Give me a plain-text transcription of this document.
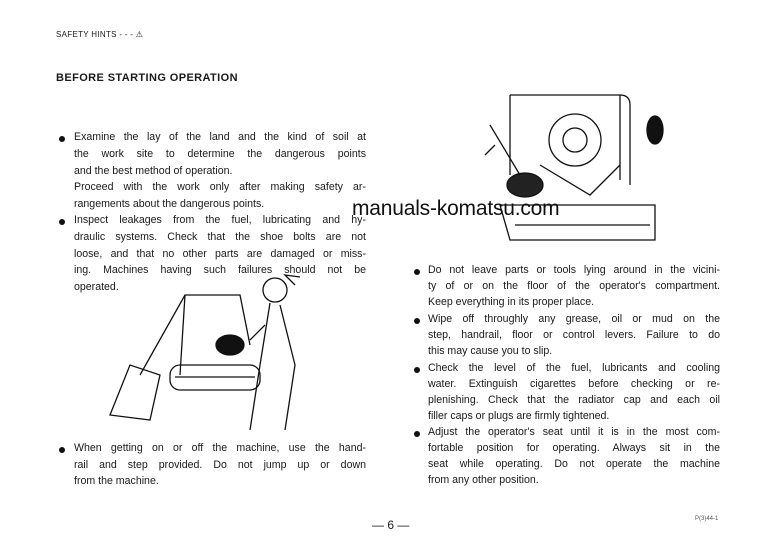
SAFETY HINTS - - - ⚠
BEFORE STARTING OPERATION
Examine the lay of the land and the kind of soil at
the work site to determine the dangerous points
and the best method of operation.
Proceed with the work only after making safety ar-
rangements about the dangerous points.
Inspect leakages from the fuel, lubricating and hy-
draulic systems. Check that the shoe bolts are not
loose, and that no other parts are damaged or miss-
ing. Machines having such failures should not be
operated.
When getting on or off the machine, use the hand-
rail and step provided. Do not jump up or down
from the machine.
Do not leave parts or tools lying around in the vicini-
ty of or on the floor of the operator's compartment.
Keep everything in its proper place.
Wipe off throughly any grease, oil or mud on the
step, handrail, floor or control levers. Failure to do
this may cause you to slip.
Check the level of the fuel, lubricants and cooling
water. Extinguish cigarettes before checking or re-
plenishing. Check that the radiator cap and each oil
filler caps or plugs are firmly tightened.
Adjust the operator's seat until it is in the most com-
fortable position for operating. Always sit in the
seat while operating. Do not operate the machine
from any other position.
manuals-komatsu.com
— 6 —	P(3)44-1
